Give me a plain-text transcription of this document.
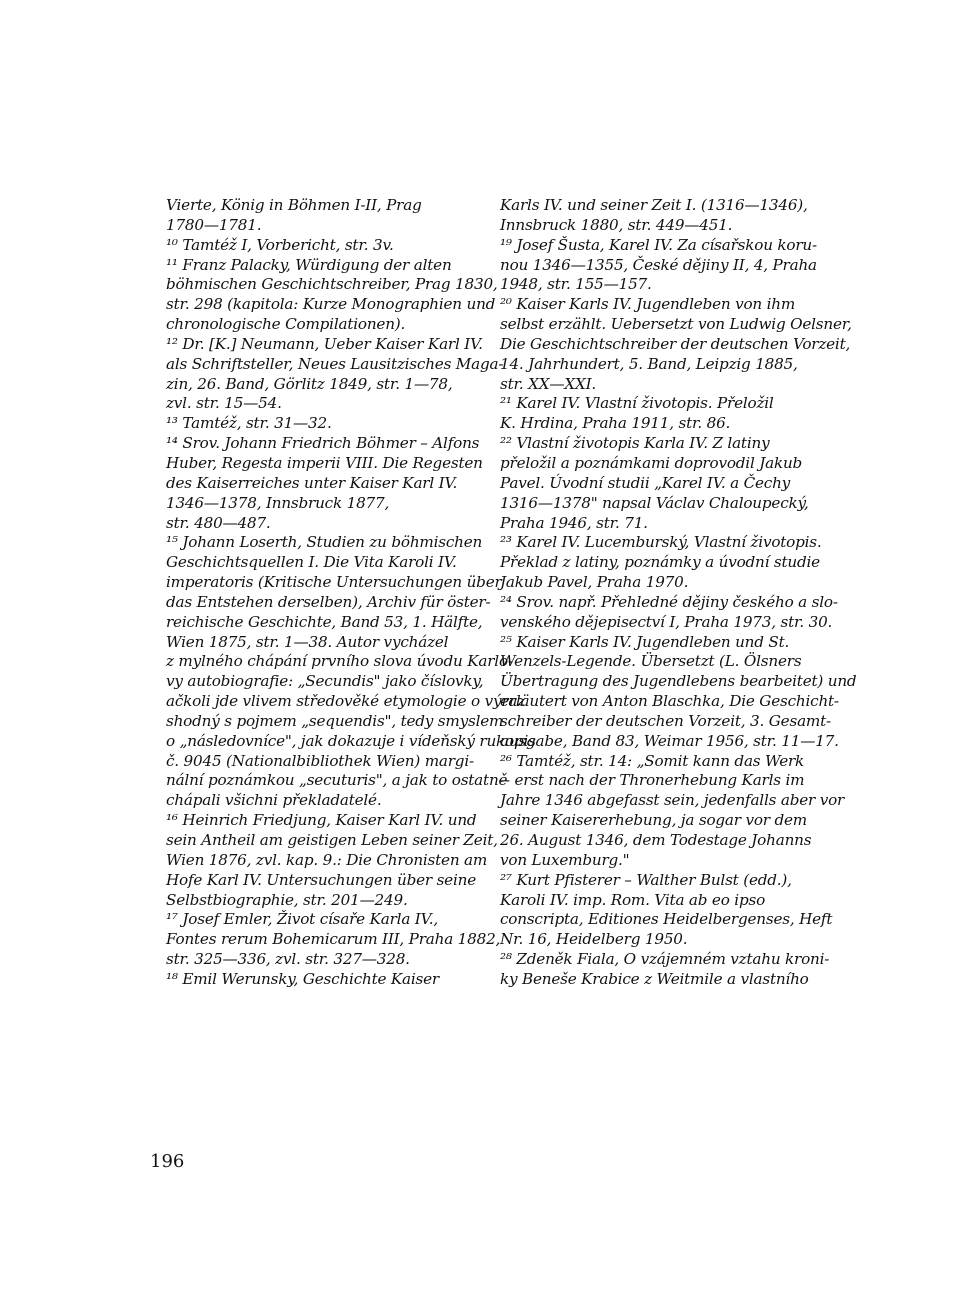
Vierte, König in Böhmen I-II, Prag
1780—1781.
¹⁰ Tamtéž I, Vorbericht, str. 3v.
¹¹ Franz Palacky, Würdigung der alten
böhmischen Geschichtschreiber, Prag 1830,
str. 298 (kapitola: Kurze Monographien und
chronologische Compilationen).
¹² Dr. [K.] Neumann, Ueber Kaiser Karl IV.
als Schriftsteller, Neues Lausitzisches Maga-
zin, 26. Band, Görlitz 1849, str. 1—78,
zvl. str. 15—54.
¹³ Tamtéž, str. 31—32.
¹⁴ Srov. Johann Friedrich Böhmer – Alfons
Huber, Regesta imperii VIII. Die Regesten
des Kaiserreiches unter Kaiser Karl IV.
1346—1378, Innsbruck 1877,
str. 480—487.
¹⁵ Johann Loserth, Studien zu böhmischen
Geschichtsquellen I. Die Vita Karoli IV.
imperatoris (Kritische Untersuchungen über
das Entstehen derselben), Archiv für öster-
reichische Geschichte, Band 53, 1. Hälfte,
Wien 1875, str. 1—38. Autor vycházel
z mylného chápání prvního slova úvodu Karlo-
vy autobiografie: „Secundis" jako číslovky,
ačkoli jde vlivem středověké etymologie o výraz
shodný s pojmem „sequendis", tedy smyslem
o „následovníce", jak dokazuje i vídeňský rukopis
č. 9045 (Nationalbibliothek Wien) margi-
nální poznámkou „secuturis", a jak to ostatně
chápali všichni překladatelé.
¹⁶ Heinrich Friedjung, Kaiser Karl IV. und
sein Antheil am geistigen Leben seiner Zeit,
Wien 1876, zvl. kap. 9.: Die Chronisten am
Hofe Karl IV. Untersuchungen über seine
Selbstbiographie, str. 201—249.
¹⁷ Josef Emler, Život císaře Karla IV.,
Fontes rerum Bohemicarum III, Praha 1882,
str. 325—336, zvl. str. 327—328.
¹⁸ Emil Werunsky, Geschichte Kaiser
Karls IV. und seiner Zeit I. (1316—1346),
Innsbruck 1880, str. 449—451.
¹⁹ Josef Šusta, Karel IV. Za císařskou koru-
nou 1346—1355, České dějiny II, 4, Praha
1948, str. 155—157.
²⁰ Kaiser Karls IV. Jugendleben von ihm
selbst erzählt. Uebersetzt von Ludwig Oelsner,
Die Geschichtschreiber der deutschen Vorzeit,
14. Jahrhundert, 5. Band, Leipzig 1885,
str. XX—XXI.
²¹ Karel IV. Vlastní životopis. Přeložil
K. Hrdina, Praha 1911, str. 86.
²² Vlastní životopis Karla IV. Z latiny
přeložil a poznámkami doprovodil Jakub
Pavel. Úvodní studii „Karel IV. a Čechy
1316—1378" napsal Václav Chaloupecký,
Praha 1946, str. 71.
²³ Karel IV. Lucemburský, Vlastní životopis.
Překlad z latiny, poznámky a úvodní studie
Jakub Pavel, Praha 1970.
²⁴ Srov. např. Přehledné dějiny českého a slo-
venského dějepisectví I, Praha 1973, str. 30.
²⁵ Kaiser Karls IV. Jugendleben und St.
Wenzels-Legende. Übersetzt (L. Ölsners
Übertragung des Jugendlebens bearbeitet) und
erläutert von Anton Blaschka, Die Geschicht-
schreiber der deutschen Vorzeit, 3. Gesamt-
ausgabe, Band 83, Weimar 1956, str. 11—17.
²⁶ Tamtéž, str. 14: „Somit kann das Werk
-- erst nach der Thronerhebung Karls im
Jahre 1346 abgefasst sein, jedenfalls aber vor
seiner Kaisererhebung, ja sogar vor dem
26. August 1346, dem Todestage Johanns
von Luxemburg."
²⁷ Kurt Pfisterer – Walther Bulst (edd.),
Karoli IV. imp. Rom. Vita ab eo ipso
conscripta, Editiones Heidelbergenses, Heft
Nr. 16, Heidelberg 1950.
²⁸ Zdeněk Fiala, O vzájemném vztahu kroni-
ky Beneše Krabice z Weitmile a vlastního
196
